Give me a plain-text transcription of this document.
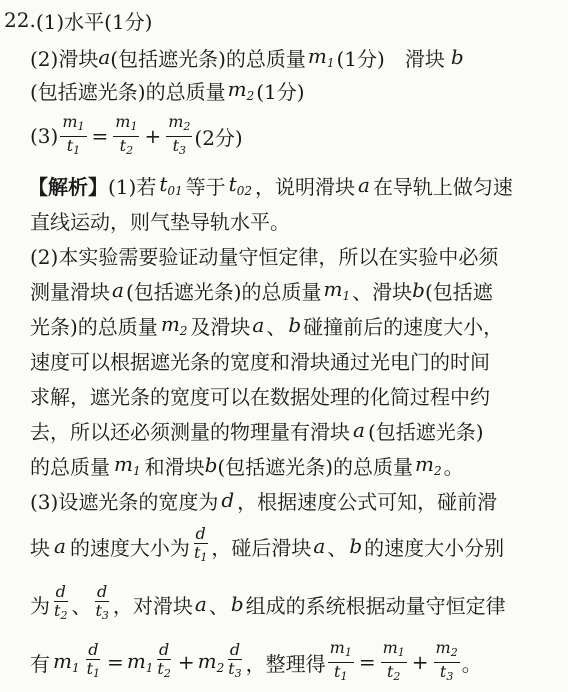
22. (1)水平(1分)
(2)滑块 a (包括遮光条)的总质量 $m_1$ (1分)　滑块 b
(包括遮光条)的总质量 $m_2$ (1分)
$(3) \frac{m_1}{t_1} = \frac{m_1}{t_2} + \frac{m_2}{t_3} (2$分)
【解析】 (1)若 $t_{01}$ 等于 $t_{02}$ ，说明滑块 a 在导轨上做匀速
直线运动，则气垫导轨水平。
(2)本实验需要验证动量守恒定律，所以在实验中必须
测量滑块 a (包括遮光条)的总质量 $m_1$ 、滑块 b (包括遮
光条)的总质量 $m_2$ 及滑块 a 、 b 碰撞前后的速度大小，
速度可以根据遮光条的宽度和滑块通过光电门的时间
求解，遮光条的宽度可以在数据处理的化简过程中约
去，所以还必须测量的物理量有滑块 a (包括遮光条)
的总质量 $m_1$ 和滑块 b (包括遮光条)的总质量 $m_2$ 。
(3)设遮光条的宽度为 d ，根据速度公式可知，碰前滑
块 a 的速度大小为 $\frac{d}{t_1}$ ，碰后滑块 a 、 b 的速度大小分别
为 $\frac{d}{t_2}$ 、 $\frac{d}{t_3}$ ，对滑块 a 、 b 组成的系统根据动量守恒定律
有 $m_1 \frac{d}{t_1} = m_1 \frac{d}{t_2} + m_2 \frac{d}{t_3}$ ，整理得 $\frac{m_1}{t_1} = \frac{m_1}{t_2} + \frac{m_2}{t_3}$ 。
